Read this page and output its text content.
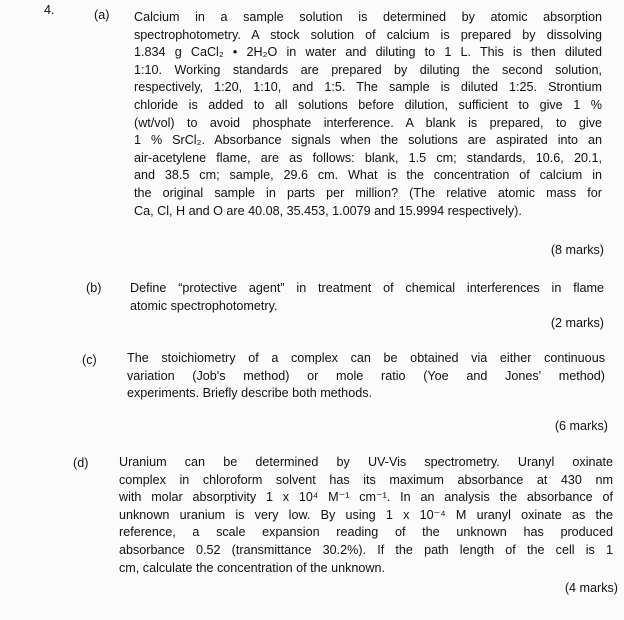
4.	(a) Calcium in a sample solution is determined by atomic absorption
spectrophotometry. A stock solution of calcium is prepared by dissolving
1.834 g CaCl₂ • 2H₂O in water and diluting to 1 L. This is then diluted
1:10. Working standards are prepared by diluting the second solution,
respectively, 1:20, 1:10, and 1:5. The sample is diluted 1:25. Strontium
chloride is added to all solutions before dilution, sufficient to give 1 %
(wt/vol) to avoid phosphate interference. A blank is prepared, to give
1 % SrCl₂. Absorbance signals when the solutions are aspirated into an
air-acetylene flame, are as follows: blank, 1.5 cm; standards, 10.6, 20.1,
and 38.5 cm; sample, 29.6 cm. What is the concentration of calcium in
the original sample in parts per million? (The relative atomic mass for
Ca, Cl, H and O are 40.08, 35.453, 1.0079 and 15.9994 respectively).
(8 marks)
(b) Define “protective agent” in treatment of chemical interferences in flame
atomic spectrophotometry.
(2 marks)
(c) The stoichiometry of a complex can be obtained via either continuous
variation (Job's method) or mole ratio (Yoe and Jones' method)
experiments. Briefly describe both methods.
(6 marks)
(d) Uranium can be determined by UV-Vis spectrometry. Uranyl oxinate
complex in chloroform solvent has its maximum absorbance at 430 nm
with molar absorptivity 1 x 10⁴ M⁻¹ cm⁻¹. In an analysis the absorbance of
unknown uranium is very low. By using 1 x 10⁻⁴ M uranyl oxinate as the
reference, a scale expansion reading of the unknown has produced
absorbance 0.52 (transmittance 30.2%). If the path length of the cell is 1
cm, calculate the concentration of the unknown.
(4 marks)
